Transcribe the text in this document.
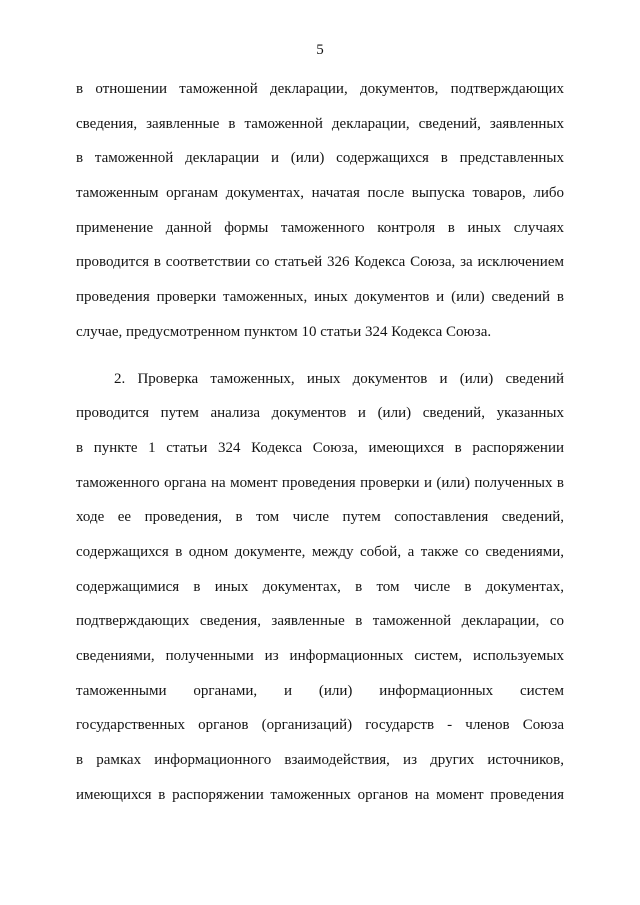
5
в отношении таможенной декларации, документов, подтверждающих
сведения, заявленные в таможенной декларации, сведений, заявленных
в таможенной декларации и (или) содержащихся в представленных
таможенным органам документах, начатая после выпуска товаров, либо
применение данной формы таможенного контроля в иных случаях
проводится в соответствии со статьей 326 Кодекса Союза, за исключением
проведения проверки таможенных, иных документов и (или) сведений в
случае, предусмотренном пунктом 10 статьи 324 Кодекса Союза.
2. Проверка таможенных, иных документов и (или) сведений
проводится путем анализа документов и (или) сведений, указанных
в пункте 1 статьи 324 Кодекса Союза, имеющихся в распоряжении
таможенного органа на момент проведения проверки и (или) полученных в
ходе ее проведения, в том числе путем сопоставления сведений,
содержащихся в одном документе, между собой, а также со сведениями,
содержащимися в иных документах, в том числе в документах,
подтверждающих сведения, заявленные в таможенной декларации, со
сведениями, полученными из информационных систем, используемых
таможенными органами, и (или) информационных систем
государственных органов (организаций) государств - членов Союза
в рамках информационного взаимодействия, из других источников,
имеющихся в распоряжении таможенных органов на момент проведения
